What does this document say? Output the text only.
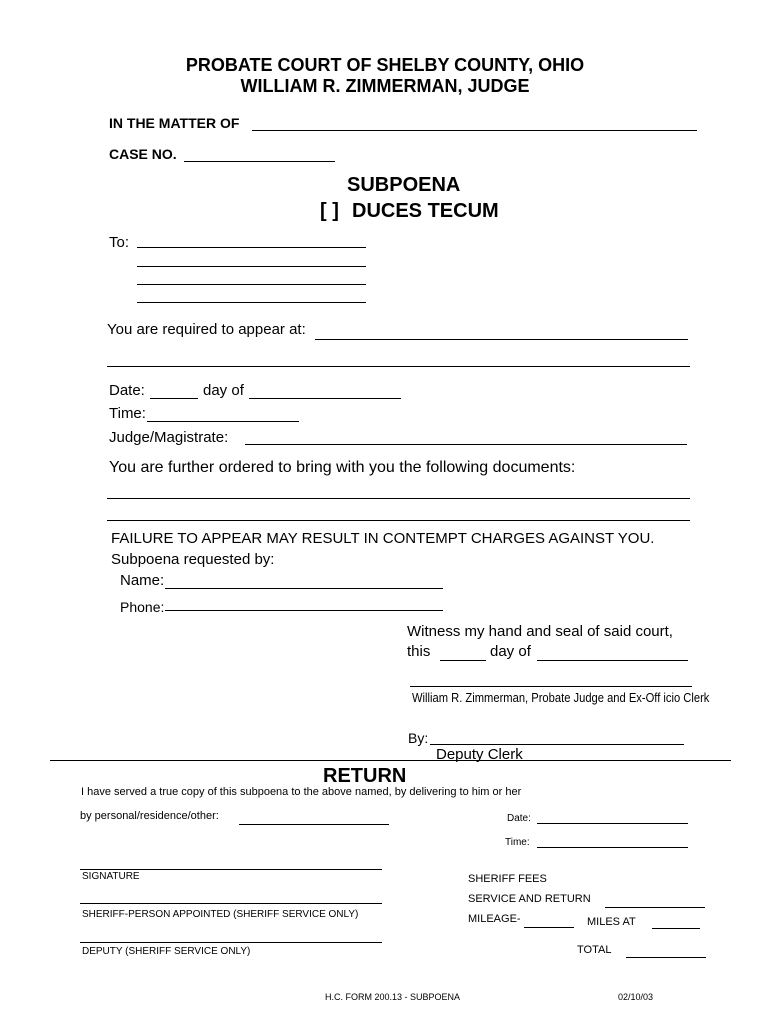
PROBATE COURT OF SHELBY COUNTY, OHIO
WILLIAM R. ZIMMERMAN, JUDGE
IN THE MATTER OF
CASE NO.
SUBPOENA
[ ] DUCES TECUM
To:
You are required to appear at:
Date:	day of
Time:
Judge/Magistrate:
You are further ordered to bring with you the following documents:
FAILURE TO APPEAR MAY RESULT IN CONTEMPT CHARGES AGAINST YOU.
Subpoena requested by:
Name:
Phone:
Witness my hand and seal of said court,
this	day of
William R. Zimmerman, Probate Judge and Ex-Off icio Clerk
By:
Deputy Clerk
RETURN
I have served a true copy of this subpoena to the above named, by delivering to him or her
by personal/residence/other:	Date:
Time:
SIGNATURE
SHERIFF-PERSON APPOINTED (SHERIFF SERVICE ONLY)
DEPUTY (SHERIFF SERVICE ONLY)
SHERIFF FEES
SERVICE AND RETURN
MILEAGE-	MILES AT
TOTAL
H.C. FORM 200.13 - SUBPOENA	02/10/03
